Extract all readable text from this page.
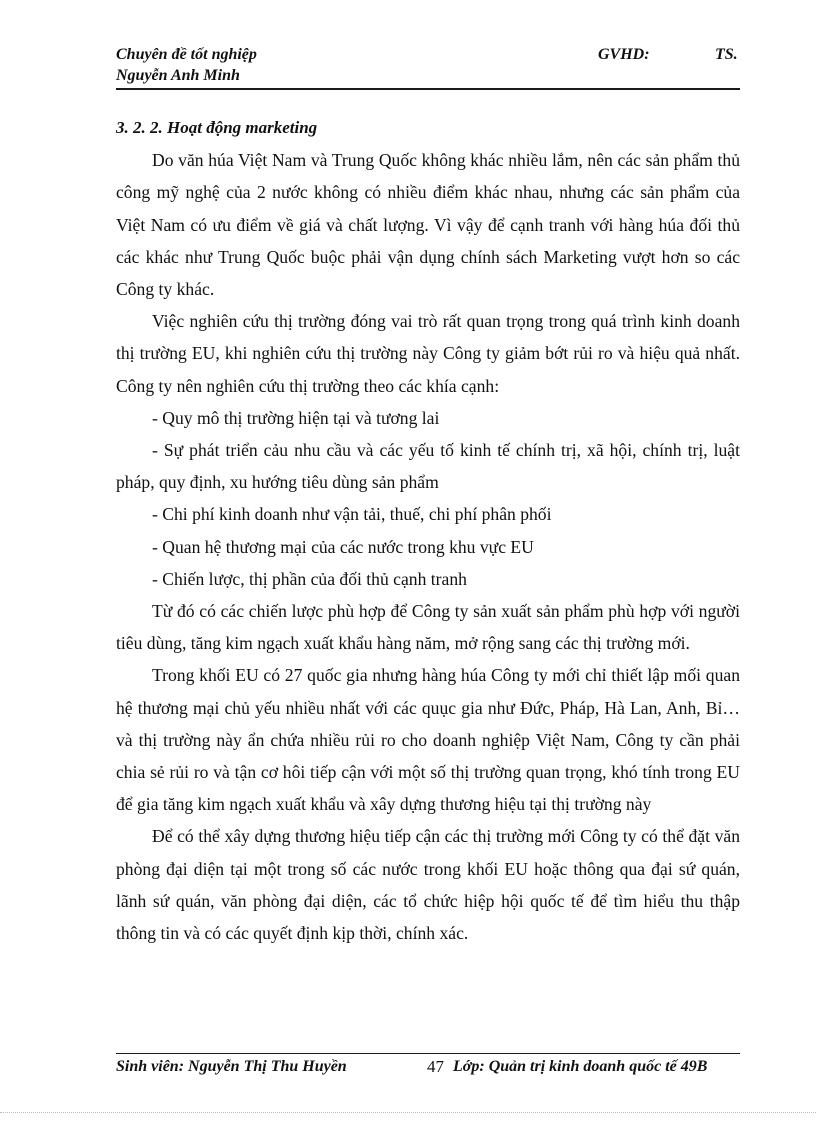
Chuyên đề tốt nghiệp	GVHD:	TS.
Nguyễn Anh Minh

3. 2. 2. Hoạt động marketing

Do văn húa Việt Nam và Trung Quốc không khác nhiều lắm, nên các sản phẩm thủ công mỹ nghệ của 2 nước không có nhiều điểm khác nhau, nhưng các sản phẩm của Việt Nam có ưu điểm về giá và chất lượng. Vì vậy để cạnh tranh với hàng húa đối thủ các khác như Trung Quốc buộc phải vận dụng chính sách Marketing vượt hơn so các Công ty khác.

Việc nghiên cứu thị trường đóng vai trò rất quan trọng trong quá trình kinh doanh thị trường EU, khi nghiên cứu thị trường này Công ty giảm bớt rủi ro và hiệu quả nhất. Công ty nên nghiên cứu thị trường theo các khía cạnh:

- Quy mô thị trường hiện tại và tương lai

- Sự phát triển cảu nhu cầu và các yếu tố kinh tế chính trị, xã hội, chính trị, luật pháp, quy định, xu hướng tiêu dùng sản phẩm

- Chi phí kinh doanh như vận tải, thuế, chi phí phân phối

- Quan hệ thương mại của các nước trong khu vực EU

- Chiến lược, thị phần của đối thủ cạnh tranh

Từ đó có các chiến lược phù hợp để Công ty sản xuất sản phẩm phù hợp với người tiêu dùng, tăng kim ngạch xuất khẩu hàng năm, mở rộng sang các thị trường mới.

Trong khối EU có 27 quốc gia nhưng hàng húa Công ty mới chỉ thiết lập mối quan hệ thương mại chủ yếu nhiều nhất với các quục gia như Đức, Pháp, Hà Lan, Anh, Bỉ…và thị trường này ẩn chứa nhiều rủi ro cho doanh nghiệp Việt Nam, Công ty cần phải chia sẻ rủi ro và tận cơ hôi tiếp cận với một số thị trường quan trọng, khó tính trong EU để gia tăng kim ngạch xuất khẩu và xây dựng thương hiệu tại thị trường này

Để có thể xây dựng thương hiệu tiếp cận các thị trường mới Công ty có thể đặt văn phòng đại diện tại một trong số các nước trong khối EU hoặc thông qua đại sứ quán, lãnh sứ quán, văn phòng đại diện, các tổ chức hiệp hội quốc tế để tìm hiểu thu thập thông tin và có các quyết định kịp thời, chính xác.

Sinh viên: Nguyễn Thị Thu Huyền	47 Lớp: Quản trị kinh doanh quốc tế 49B
